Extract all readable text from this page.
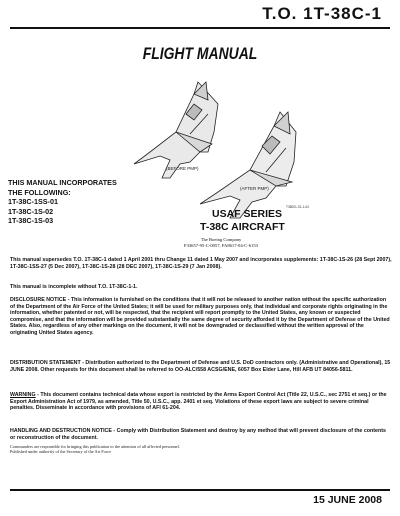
T.O. 1T-38C-1
FLIGHT MANUAL
(BEFORE PMP)
(AFTER PMP)
T38001-01-1-04
THIS MANUAL INCORPORATES
THE FOLLOWING:
1T-38C-1SS-01
1T-38C-1S-02
1T-38C-1S-03
USAF SERIES
T-38C AIRCRAFT
The Boeing Company
F33657-95-C-0057, FA8617-04-C-6153
This manual supersedes T.O. 1T-38C-1 dated 1 April 2001 thru Change 11 dated 1 May 2007 and incorporates supplements: 1T-38C-1S-26 (28 Sept 2007), 1T-38C-1SS-27 (5 Dec 2007), 1T-38C-1S-28 (28 DEC 2007), 1T-38C-1S-29 (7 Jan 2008).
This manual is incomplete without T.O. 1T-38C-1-1.
DISCLOSURE NOTICE - This information is furnished on the conditions that it will not be released to another nation without the specific authorization of the Department of the Air Force of the United States; it will be used for military purposes only, that individual and corporate rights originating in the information, whether patented or not, will be respected, that the recipient will report promptly to the United States, any known or suspected compromise, and that the information will be provided substantially the same degree of security afforded it by the Department of Defense of the United States. Also, regardless of any other markings on the document, it will not be downgraded or declassified without the written approval of the originating United States agency.
DISTRIBUTION STATEMENT - Distribution authorized to the Department of Defense and U.S. DoD contractors only. (Administrative and Operational), 15 JUNE 2008. Other requests for this document shall be referred to OO-ALC/558 ACSG/ENE, 6057 Box Elder Lane, Hill AFB UT 84056-5811.
WARNING - This document contains technical data whose export is restricted by the Arms Export Control Act (Title 22, U.S.C., sec 2751 et seq.) or the Export Administration Act of 1979, as amended, Title 50, U.S.C., app. 2401 et seq. Violations of these export laws are subject to severe criminal penalties. Disseminate in accordance with provisions of AFI 61-204.
HANDLING AND DESTRUCTION NOTICE - Comply with Distribution Statement and destroy by any method that will prevent disclosure of the contents or reconstruction of the document.
Commanders are responsible for bringing this publication to the attention of all affected personnel.
Published under authority of the Secretary of the Air Force
15 JUNE 2008
